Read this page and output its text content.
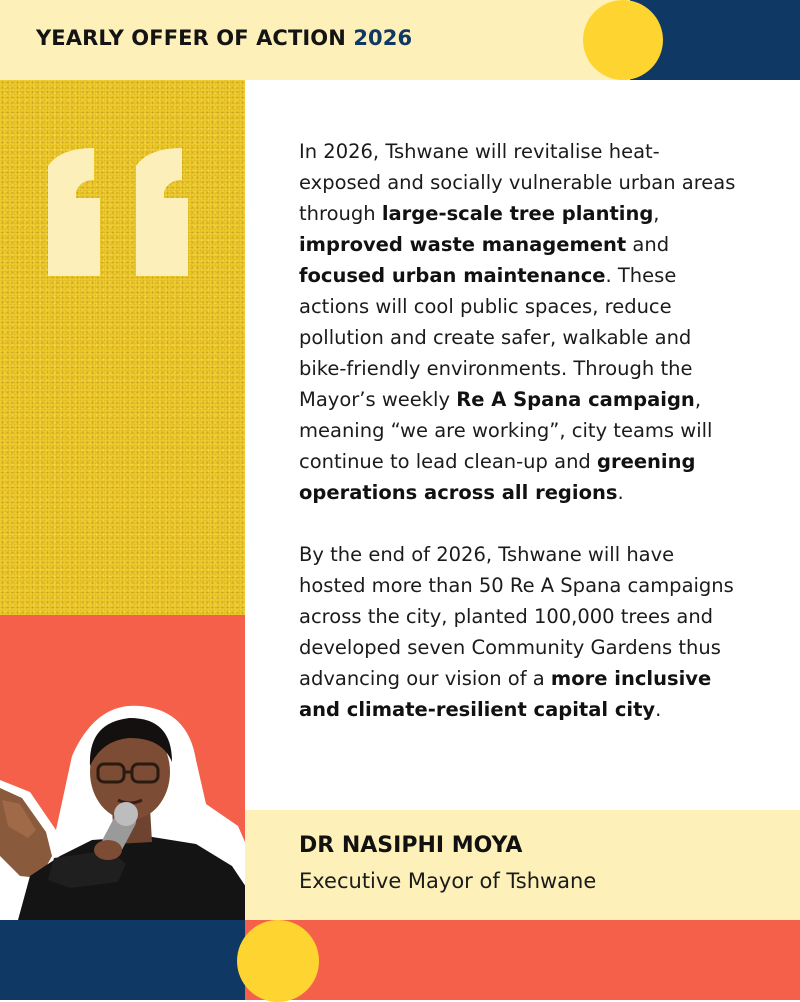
YEARLY OFFER OF ACTION 2026
In 2026, Tshwane will revitalise heat-exposed and socially vulnerable urban areas through large-scale tree planting, improved waste management and focused urban maintenance. These actions will cool public spaces, reduce pollution and create safer, walkable and bike-friendly environments. Through the Mayor’s weekly Re A Spana campaign, meaning “we are working”, city teams will continue to lead clean-up and greening operations across all regions.
By the end of 2026, Tshwane will have hosted more than 50 Re A Spana campaigns across the city, planted 100,000 trees and developed seven Community Gardens thus advancing our vision of a more inclusive and climate-resilient capital city.
DR NASIPHI MOYA
Executive Mayor of Tshwane
